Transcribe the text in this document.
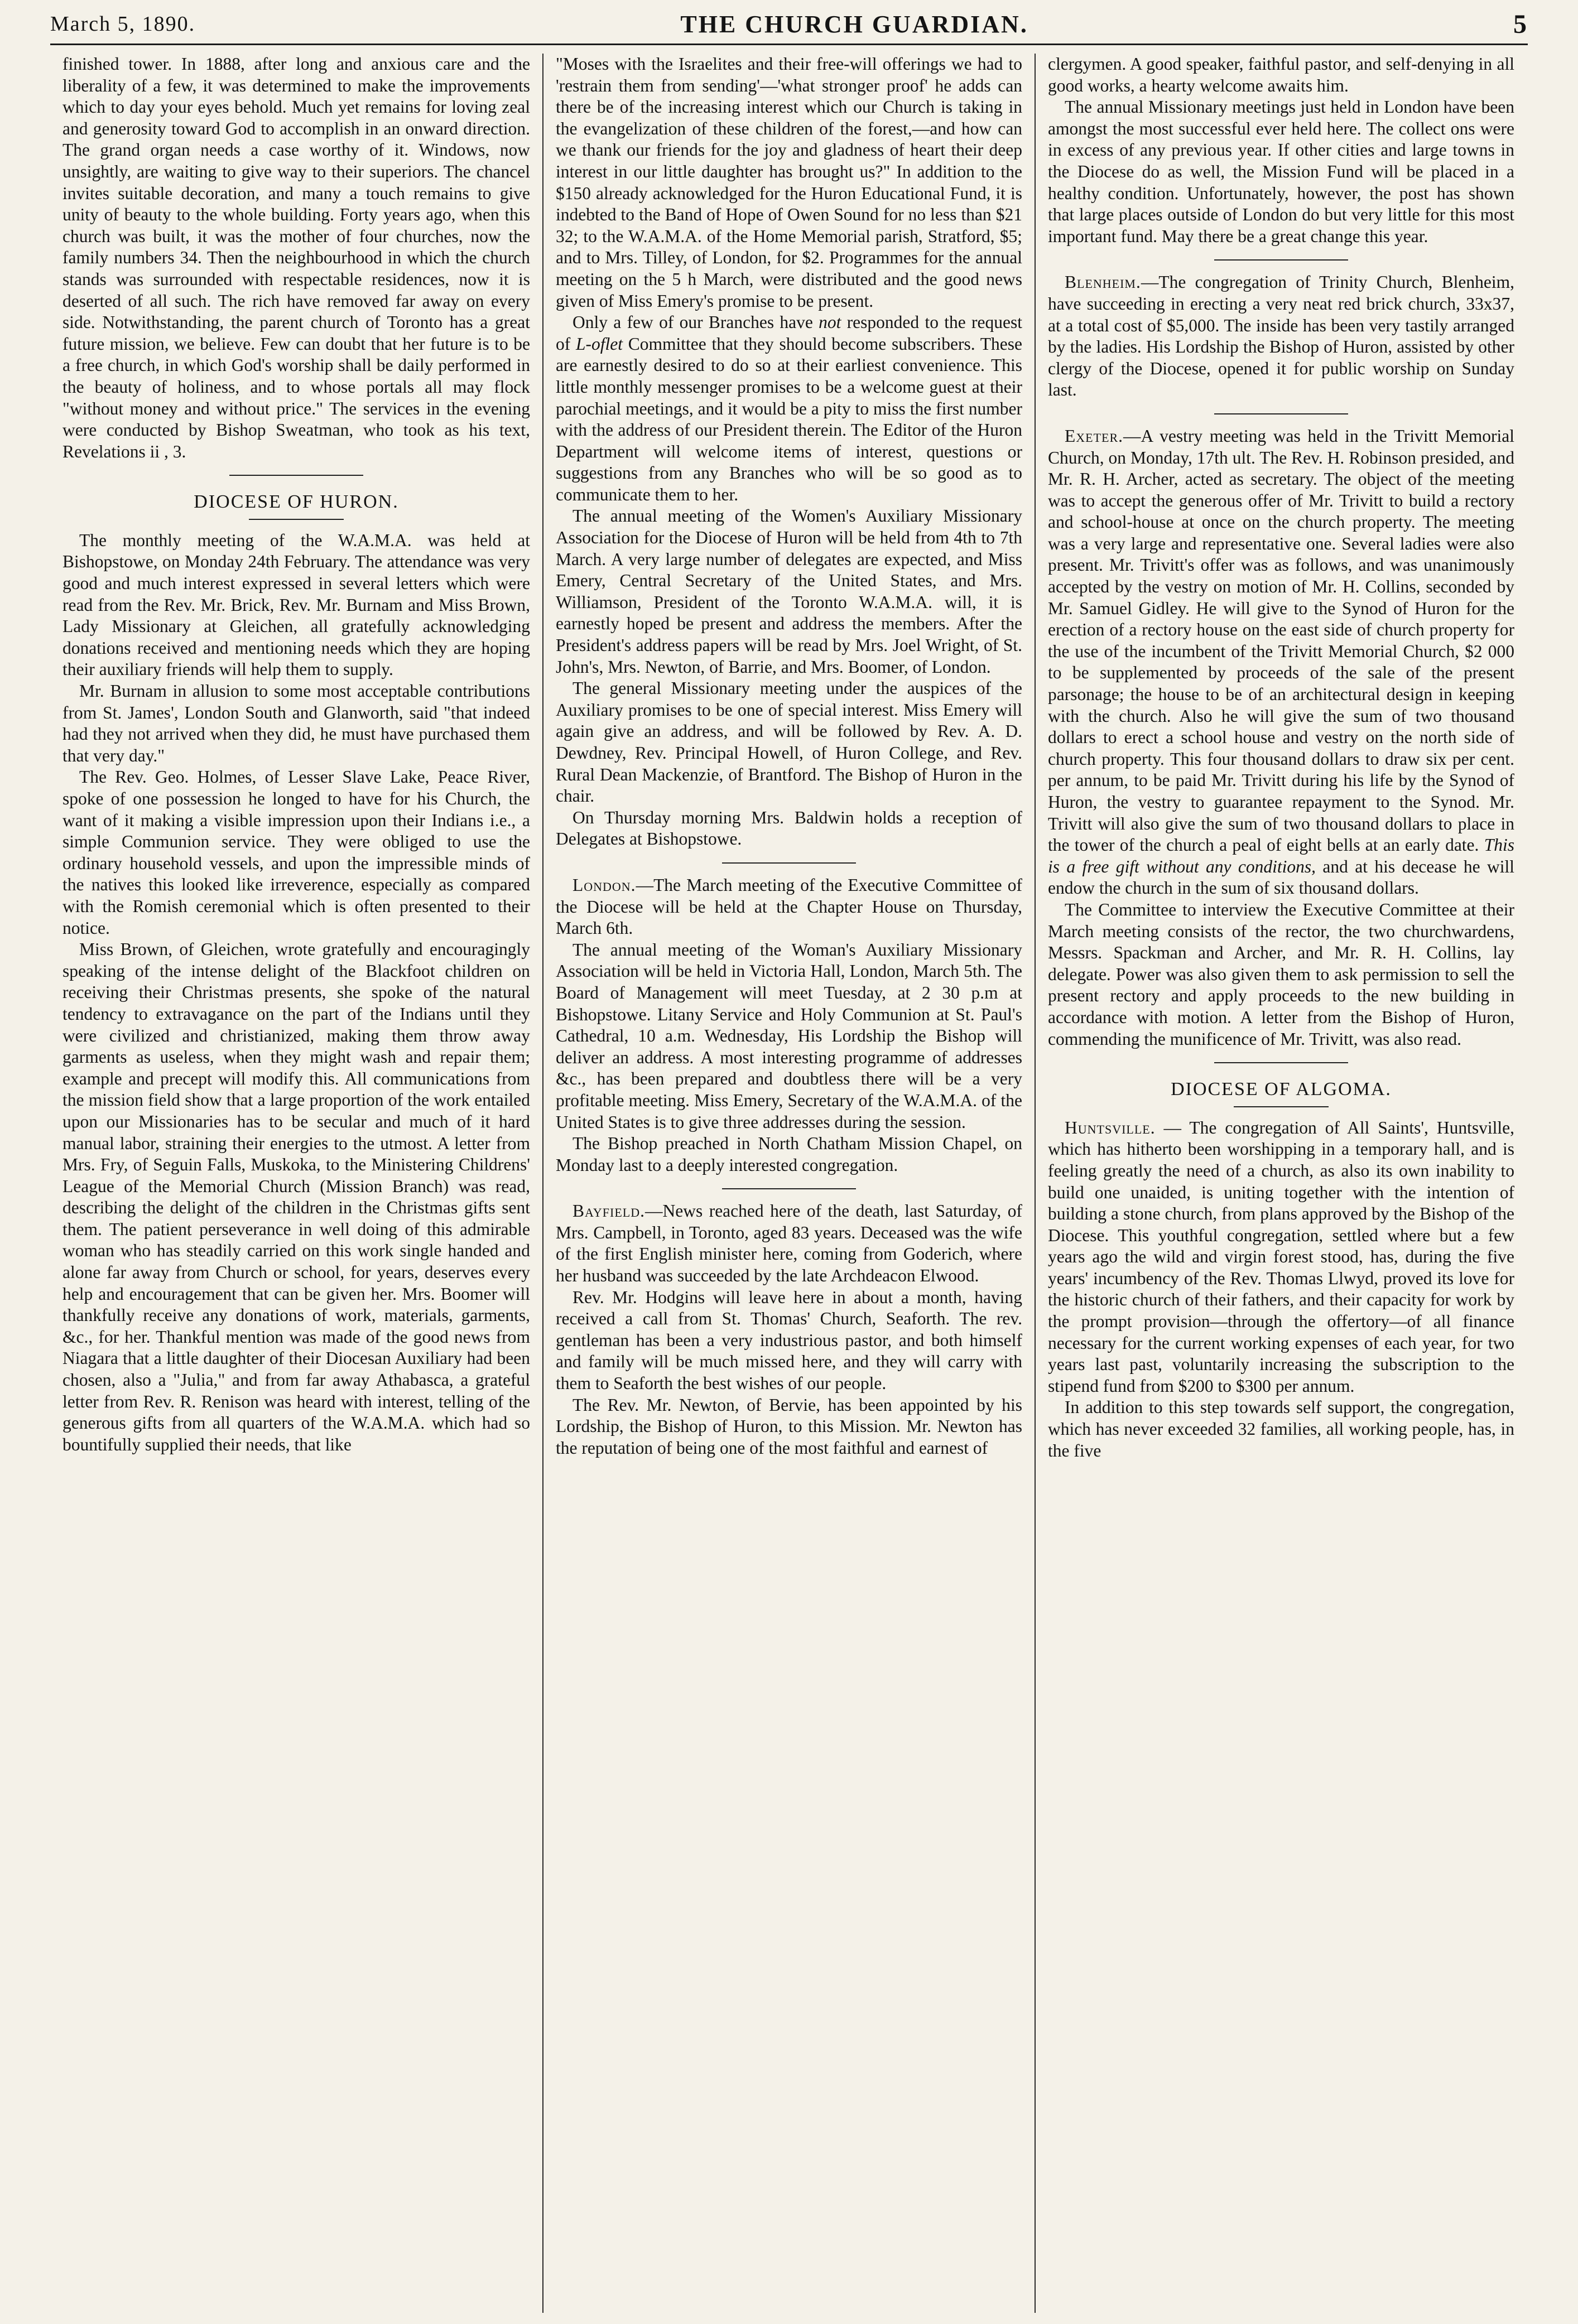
March 5, 1890.	THE CHURCH GUARDIAN.	5

finished tower. In 1888, after long and anxious care and the liberality of a few, it was determined to make the improvements which to day your eyes behold. Much yet remains for loving zeal and generosity toward God to accomplish in an onward direction. The grand organ needs a case worthy of it. Windows, now unsightly, are waiting to give way to their superiors. The chancel invites suitable decoration, and many a touch remains to give unity of beauty to the whole building. Forty years ago, when this church was built, it was the mother of four churches, now the family numbers 34. Then the neighbourhood in which the church stands was surrounded with respectable residences, now it is deserted of all such. The rich have removed far away on every side. Notwithstanding, the parent church of Toronto has a great future mission, we believe. Few can doubt that her future is to be a free church, in which God's worship shall be daily performed in the beauty of holiness, and to whose portals all may flock "without money and without price." The services in the evening were conducted by Bishop Sweatman, who took as his text, Revelations ii , 3.

DIOCESE OF HURON.

The monthly meeting of the W.A.M.A. was held at Bishopstowe, on Monday 24th February. The attendance was very good and much interest expressed in several letters which were read from the Rev. Mr. Brick, Rev. Mr. Burnam and Miss Brown, Lady Missionary at Gleichen, all gratefully acknowledging donations received and mentioning needs which they are hoping their auxiliary friends will help them to supply.

Mr. Burnam in allusion to some most acceptable contributions from St. James', London South and Glanworth, said "that indeed had they not arrived when they did, he must have purchased them that very day."

The Rev. Geo. Holmes, of Lesser Slave Lake, Peace River, spoke of one possession he longed to have for his Church, the want of it making a visible impression upon their Indians i.e., a simple Communion service. They were obliged to use the ordinary household vessels, and upon the impressible minds of the natives this looked like irreverence, especially as compared with the Romish ceremonial which is often presented to their notice.

Miss Brown, of Gleichen, wrote gratefully and encouragingly speaking of the intense delight of the Blackfoot children on receiving their Christmas presents, she spoke of the natural tendency to extravagance on the part of the Indians until they were civilized and christianized, making them throw away garments as useless, when they might wash and repair them; example and precept will modify this. All communications from the mission field show that a large proportion of the work entailed upon our Missionaries has to be secular and much of it hard manual labor, straining their energies to the utmost. A letter from Mrs. Fry, of Seguin Falls, Muskoka, to the Ministering Childrens' League of the Memorial Church (Mission Branch) was read, describing the delight of the children in the Christmas gifts sent them. The patient perseverance in well doing of this admirable woman who has steadily carried on this work single handed and alone far away from Church or school, for years, deserves every help and encouragement that can be given her. Mrs. Boomer will thankfully receive any donations of work, materials, garments, &c., for her. Thankful mention was made of the good news from Niagara that a little daughter of their Diocesan Auxiliary had been chosen, also a "Julia," and from far away Athabasca, a grateful letter from Rev. R. Renison was heard with interest, telling of the generous gifts from all quarters of the W.A.M.A. which had so bountifully supplied their needs, that like

"Moses with the Israelites and their free-will offerings we had to 'restrain them from sending'—'what stronger proof' he adds can there be of the increasing interest which our Church is taking in the evangelization of these children of the forest,—and how can we thank our friends for the joy and gladness of heart their deep interest in our little daughter has brought us?" In addition to the $150 already acknowledged for the Huron Educational Fund, it is indebted to the Band of Hope of Owen Sound for no less than $21 32; to the W.A.M.A. of the Home Memorial parish, Stratford, $5; and to Mrs. Tilley, of London, for $2. Programmes for the annual meeting on the 5 h March, were distributed and the good news given of Miss Emery's promise to be present.

Only a few of our Branches have not responded to the request of L-oflet Committee that they should become subscribers. These are earnestly desired to do so at their earliest convenience. This little monthly messenger promises to be a welcome guest at their parochial meetings, and it would be a pity to miss the first number with the address of our President therein. The Editor of the Huron Department will welcome items of interest, questions or suggestions from any Branches who will be so good as to communicate them to her.

The annual meeting of the Women's Auxiliary Missionary Association for the Diocese of Huron will be held from 4th to 7th March. A very large number of delegates are expected, and Miss Emery, Central Secretary of the United States, and Mrs. Williamson, President of the Toronto W.A.M.A. will, it is earnestly hoped be present and address the members. After the President's address papers will be read by Mrs. Joel Wright, of St. John's, Mrs. Newton, of Barrie, and Mrs. Boomer, of London.

The general Missionary meeting under the auspices of the Auxiliary promises to be one of special interest. Miss Emery will again give an address, and will be followed by Rev. A. D. Dewdney, Rev. Principal Howell, of Huron College, and Rev. Rural Dean Mackenzie, of Brantford. The Bishop of Huron in the chair.

On Thursday morning Mrs. Baldwin holds a reception of Delegates at Bishopstowe.

London.—The March meeting of the Executive Committee of the Diocese will be held at the Chapter House on Thursday, March 6th.

The annual meeting of the Woman's Auxiliary Missionary Association will be held in Victoria Hall, London, March 5th. The Board of Management will meet Tuesday, at 2 30 p.m at Bishopstowe. Litany Service and Holy Communion at St. Paul's Cathedral, 10 a.m. Wednesday, His Lordship the Bishop will deliver an address. A most interesting programme of addresses &c., has been prepared and doubtless there will be a very profitable meeting. Miss Emery, Secretary of the W.A.M.A. of the United States is to give three addresses during the session.

The Bishop preached in North Chatham Mission Chapel, on Monday last to a deeply interested congregation.

Bayfield.—News reached here of the death, last Saturday, of Mrs. Campbell, in Toronto, aged 83 years. Deceased was the wife of the first English minister here, coming from Goderich, where her husband was succeeded by the late Archdeacon Elwood.

Rev. Mr. Hodgins will leave here in about a month, having received a call from St. Thomas' Church, Seaforth. The rev. gentleman has been a very industrious pastor, and both himself and family will be much missed here, and they will carry with them to Seaforth the best wishes of our people.

The Rev. Mr. Newton, of Bervie, has been appointed by his Lordship, the Bishop of Huron, to this Mission. Mr. Newton has the reputation of being one of the most faithful and earnest of

clergymen. A good speaker, faithful pastor, and self-denying in all good works, a hearty welcome awaits him.

The annual Missionary meetings just held in London have been amongst the most successful ever held here. The collect ons were in excess of any previous year. If other cities and large towns in the Diocese do as well, the Mission Fund will be placed in a healthy condition. Unfortunately, however, the post has shown that large places outside of London do but very little for this most important fund. May there be a great change this year.

Blenheim.—The congregation of Trinity Church, Blenheim, have succeeding in erecting a very neat red brick church, 33x37, at a total cost of $5,000. The inside has been very tastily arranged by the ladies. His Lordship the Bishop of Huron, assisted by other clergy of the Diocese, opened it for public worship on Sunday last.

Exeter.—A vestry meeting was held in the Trivitt Memorial Church, on Monday, 17th ult. The Rev. H. Robinson presided, and Mr. R. H. Archer, acted as secretary. The object of the meeting was to accept the generous offer of Mr. Trivitt to build a rectory and school-house at once on the church property. The meeting was a very large and representative one. Several ladies were also present. Mr. Trivitt's offer was as follows, and was unanimously accepted by the vestry on motion of Mr. H. Collins, seconded by Mr. Samuel Gidley. He will give to the Synod of Huron for the erection of a rectory house on the east side of church property for the use of the incumbent of the Trivitt Memorial Church, $2 000 to be supplemented by proceeds of the sale of the present parsonage; the house to be of an architectural design in keeping with the church. Also he will give the sum of two thousand dollars to erect a school house and vestry on the north side of church property. This four thousand dollars to draw six per cent. per annum, to be paid Mr. Trivitt during his life by the Synod of Huron, the vestry to guarantee repayment to the Synod. Mr. Trivitt will also give the sum of two thousand dollars to place in the tower of the church a peal of eight bells at an early date. This is a free gift without any conditions, and at his decease he will endow the church in the sum of six thousand dollars.

The Committee to interview the Executive Committee at their March meeting consists of the rector, the two churchwardens, Messrs. Spackman and Archer, and Mr. R. H. Collins, lay delegate. Power was also given them to ask permission to sell the present rectory and apply proceeds to the new building in accordance with motion. A letter from the Bishop of Huron, commending the munificence of Mr. Trivitt, was also read.

DIOCESE OF ALGOMA.

Huntsville. — The congregation of All Saints', Huntsville, which has hitherto been worshipping in a temporary hall, and is feeling greatly the need of a church, as also its own inability to build one unaided, is uniting together with the intention of building a stone church, from plans approved by the Bishop of the Diocese. This youthful congregation, settled where but a few years ago the wild and virgin forest stood, has, during the five years' incumbency of the Rev. Thomas Llwyd, proved its love for the historic church of their fathers, and their capacity for work by the prompt provision—through the offertory—of all finance necessary for the current working expenses of each year, for two years last past, voluntarily increasing the subscription to the stipend fund from $200 to $300 per annum.

In addition to this step towards self support, the congregation, which has never exceeded 32 families, all working people, has, in the five
